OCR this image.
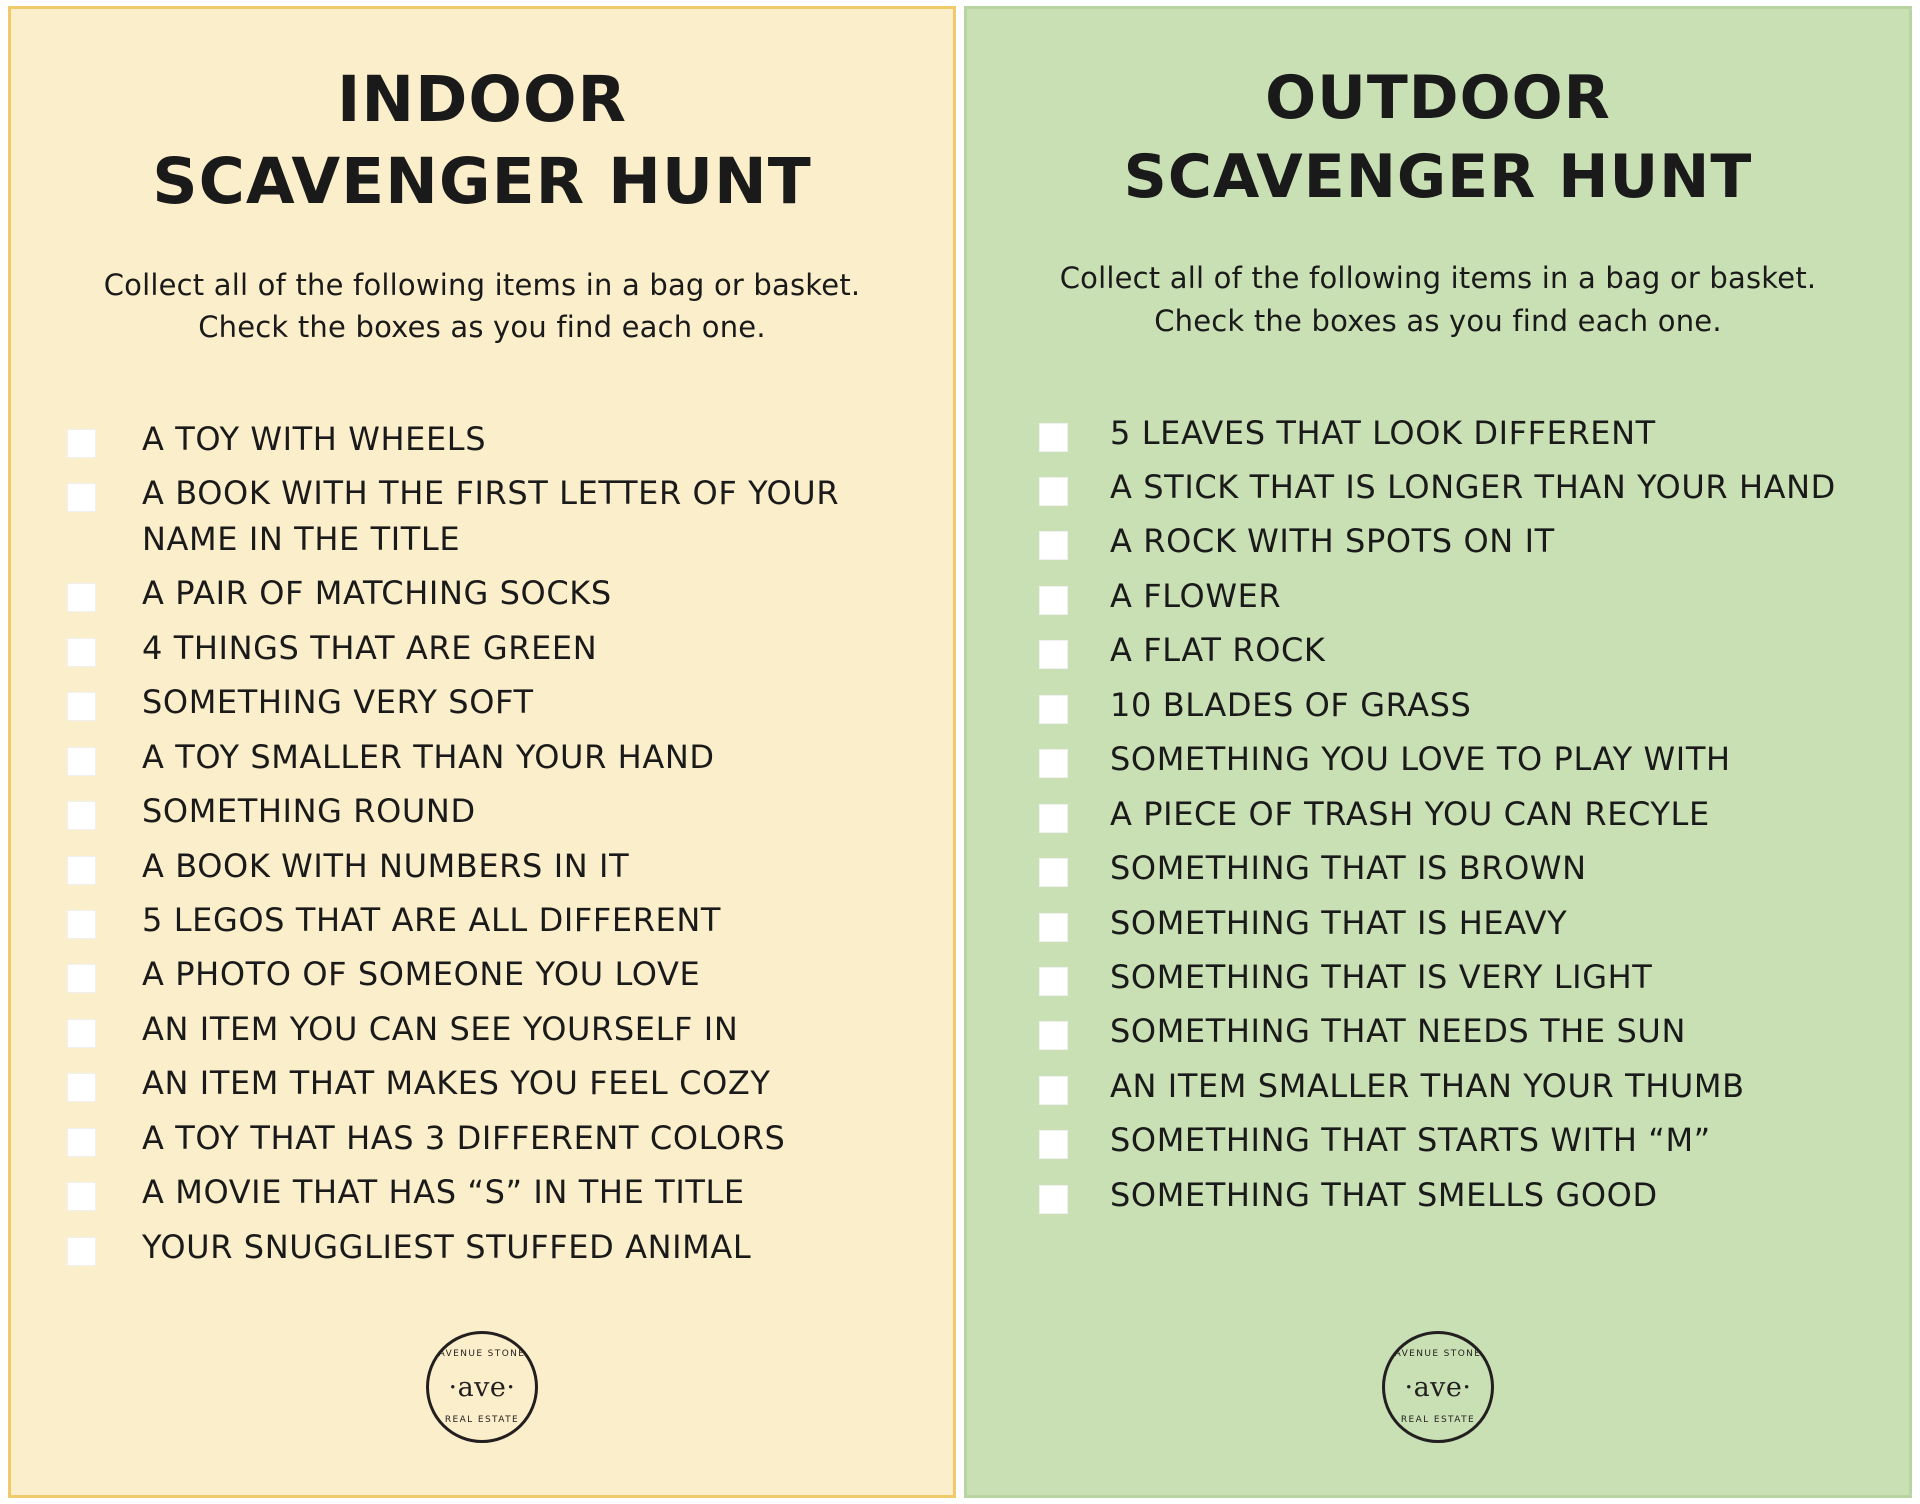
INDOOR
SCAVENGER HUNT

Collect all of the following items in a bag or basket.
Check the boxes as you find each one.

A TOY WITH WHEELS
A BOOK WITH THE FIRST LETTER OF YOUR NAME IN THE TITLE
A PAIR OF MATCHING SOCKS
4 THINGS THAT ARE GREEN
SOMETHING VERY SOFT
A TOY SMALLER THAN YOUR HAND
SOMETHING ROUND
A BOOK WITH NUMBERS IN IT
5 LEGOS THAT ARE ALL DIFFERENT
A PHOTO OF SOMEONE YOU LOVE
AN ITEM YOU CAN SEE YOURSELF IN
AN ITEM THAT MAKES YOU FEEL COZY
A TOY THAT HAS 3 DIFFERENT COLORS
A MOVIE THAT HAS “S” IN THE TITLE
YOUR SNUGGLIEST STUFFED ANIMAL
AVENUE STONE
·ave·
REAL ESTATE
OUTDOOR
SCAVENGER HUNT

Collect all of the following items in a bag or basket.
Check the boxes as you find each one.

5 LEAVES THAT LOOK DIFFERENT
A STICK THAT IS LONGER THAN YOUR HAND
A ROCK WITH SPOTS ON IT
A FLOWER
A FLAT ROCK
10 BLADES OF GRASS
SOMETHING YOU LOVE TO PLAY WITH
A PIECE OF TRASH YOU CAN RECYLE
SOMETHING THAT IS BROWN
SOMETHING THAT IS HEAVY
SOMETHING THAT IS VERY LIGHT
SOMETHING THAT NEEDS THE SUN
AN ITEM SMALLER THAN YOUR THUMB
SOMETHING THAT STARTS WITH “M”
SOMETHING THAT SMELLS GOOD
AVENUE STONE
·ave·
REAL ESTATE
